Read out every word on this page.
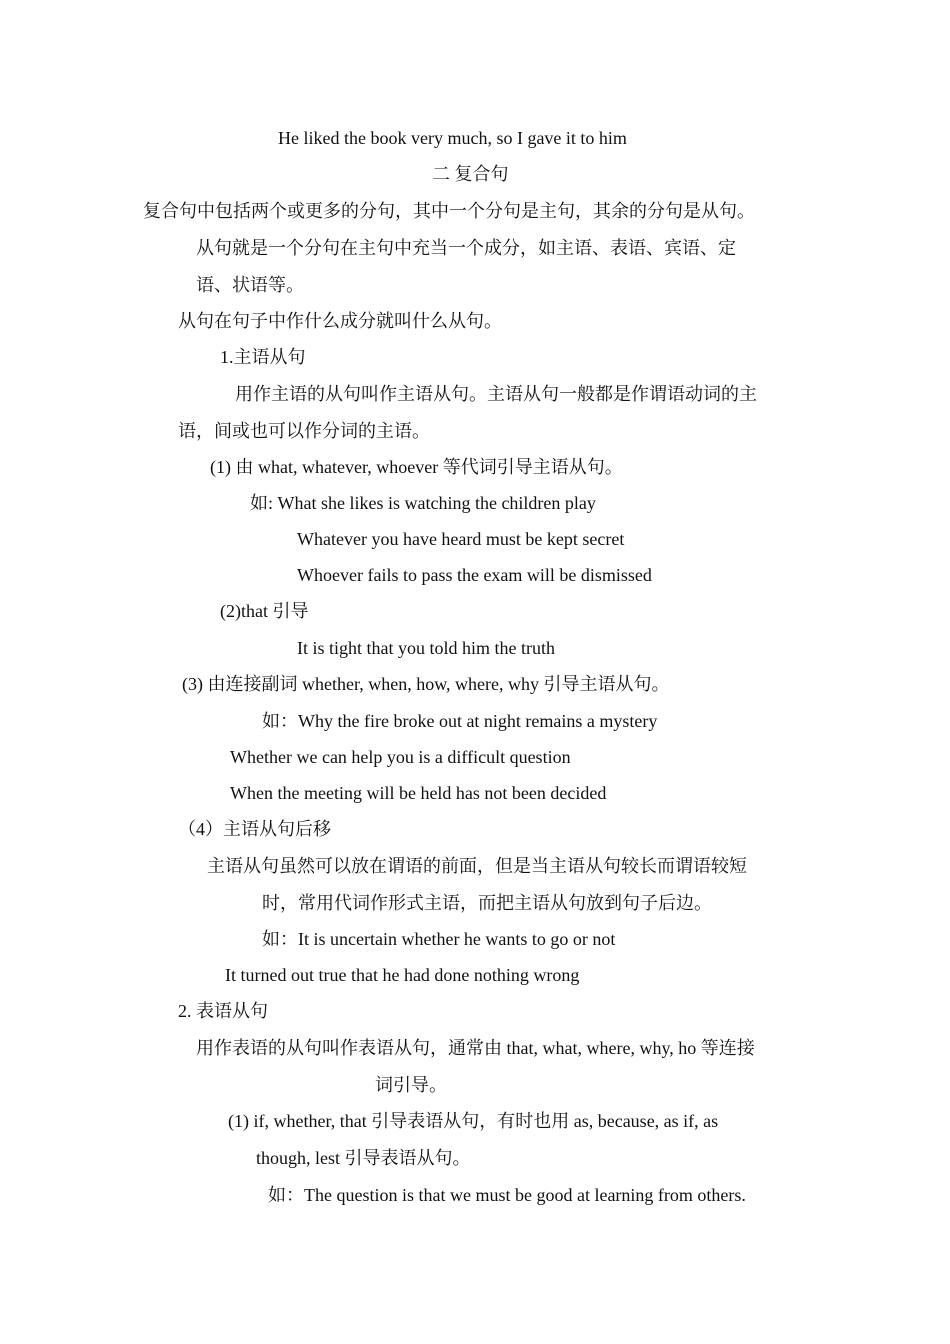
He liked the book very much, so I gave it to him
二 复合句
复合句中包括两个或更多的分句，其中一个分句是主句，其余的分句是从句。
从句就是一个分句在主句中充当一个成分，如主语、表语、宾语、定
语、状语等。
从句在句子中作什么成分就叫什么从句。
1.主语从句
用作主语的从句叫作主语从句。主语从句一般都是作谓语动词的主
语，间或也可以作分词的主语。
(1) 由 what, whatever, whoever 等代词引导主语从句。
如: What she likes is watching the children play
Whatever you have heard must be kept secret
Whoever fails to pass the exam will be dismissed
(2)that 引导
It is tight that you told him the truth
(3) 由连接副词 whether, when, how, where, why 引导主语从句。
如：Why the fire broke out at night remains a mystery
Whether we can help you is a difficult question
When the meeting will be held has not been decided
（4）主语从句后移
主语从句虽然可以放在谓语的前面，但是当主语从句较长而谓语较短
时，常用代词作形式主语，而把主语从句放到句子后边。
如：It is uncertain whether he wants to go or not
It turned out true that he had done nothing wrong
2. 表语从句
用作表语的从句叫作表语从句，通常由 that, what, where, why, ho 等连接
词引导。
(1) if, whether, that 引导表语从句，有时也用 as, because, as if, as
though, lest 引导表语从句。
如：The question is that we must be good at learning from others.
